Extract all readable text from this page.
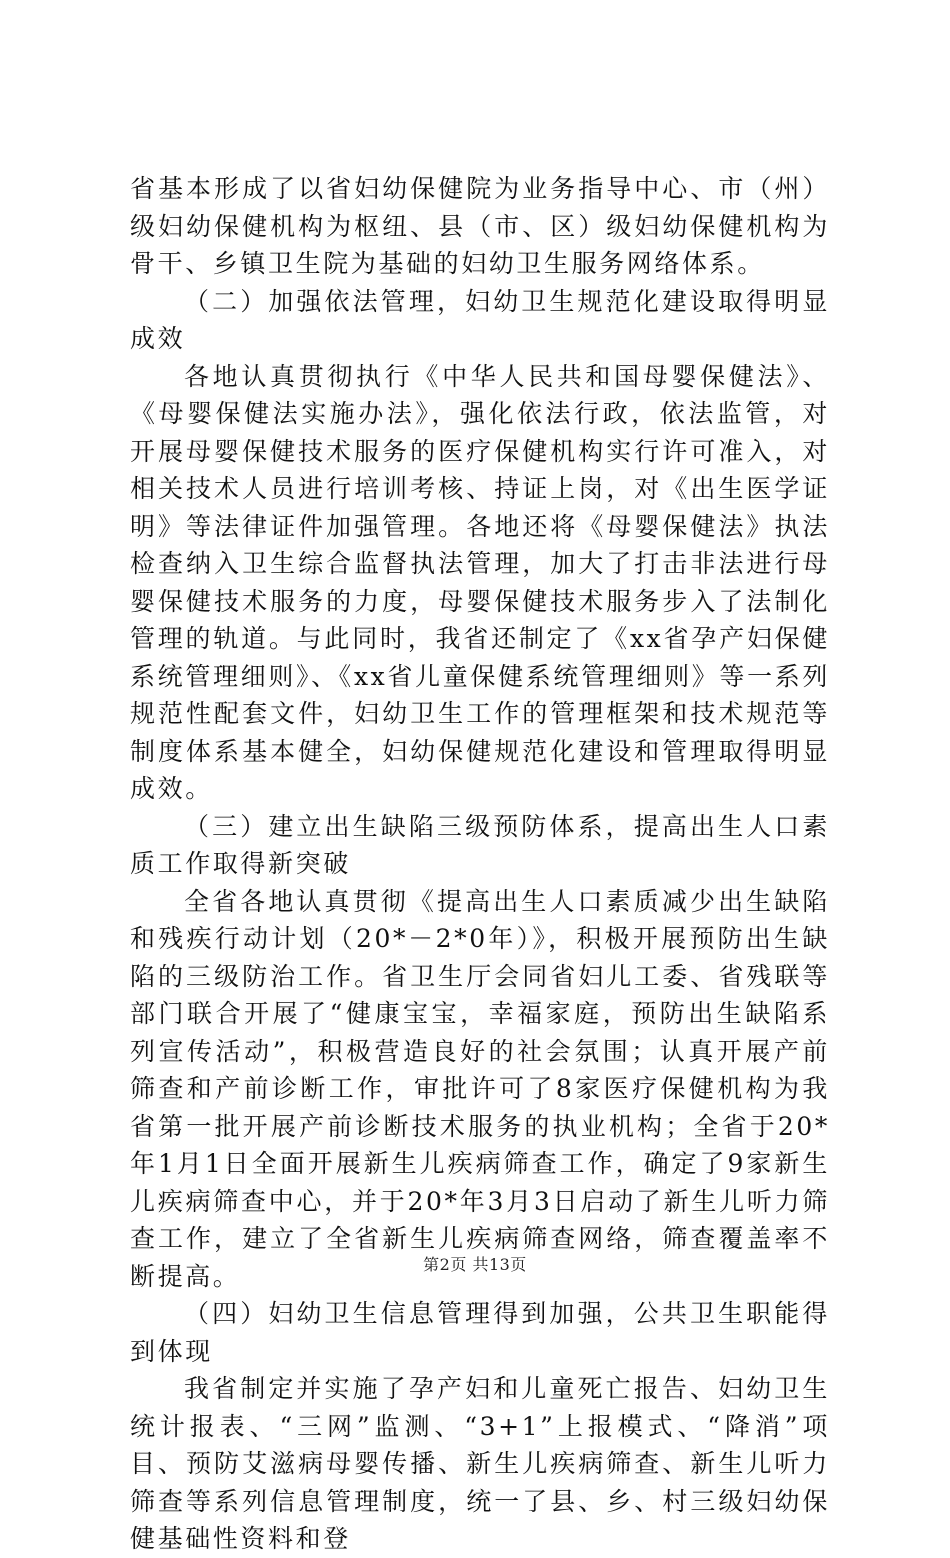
省基本形成了以省妇幼保健院为业务指导中心、市（州）级妇幼保健机构为枢纽、县（市、区）级妇幼保健机构为骨干、乡镇卫生院为基础的妇幼卫生服务网络体系。

（二）加强依法管理，妇幼卫生规范化建设取得明显成效

各地认真贯彻执行《中华人民共和国母婴保健法》、《母婴保健法实施办法》，强化依法行政，依法监管，对开展母婴保健技术服务的医疗保健机构实行许可准入，对相关技术人员进行培训考核、持证上岗，对《出生医学证明》等法律证件加强管理。各地还将《母婴保健法》执法检查纳入卫生综合监督执法管理，加大了打击非法进行母婴保健技术服务的力度，母婴保健技术服务步入了法制化管理的轨道。与此同时，我省还制定了《xx省孕产妇保健系统管理细则》、《xx省儿童保健系统管理细则》等一系列规范性配套文件，妇幼卫生工作的管理框架和技术规范等制度体系基本健全，妇幼保健规范化建设和管理取得明显成效。

（三）建立出生缺陷三级预防体系，提高出生人口素质工作取得新突破

全省各地认真贯彻《提高出生人口素质减少出生缺陷和残疾行动计划（20*－2*0年）》，积极开展预防出生缺陷的三级防治工作。省卫生厅会同省妇儿工委、省残联等部门联合开展了“健康宝宝，幸福家庭，预防出生缺陷系列宣传活动”，积极营造良好的社会氛围；认真开展产前筛查和产前诊断工作，审批许可了8家医疗保健机构为我省第一批开展产前诊断技术服务的执业机构；全省于20*年1月1日全面开展新生儿疾病筛查工作，确定了9家新生儿疾病筛查中心，并于20*年3月3日启动了新生儿听力筛查工作，建立了全省新生儿疾病筛查网络，筛查覆盖率不断提高。

（四）妇幼卫生信息管理得到加强，公共卫生职能得到体现

我省制定并实施了孕产妇和儿童死亡报告、妇幼卫生统计报表、“三网”监测、“3+1”上报模式、“降消”项目、预防艾滋病母婴传播、新生儿疾病筛查、新生儿听力筛查等系列信息管理制度，统一了县、乡、村三级妇幼保健基础性资料和登

第2页 共13页
